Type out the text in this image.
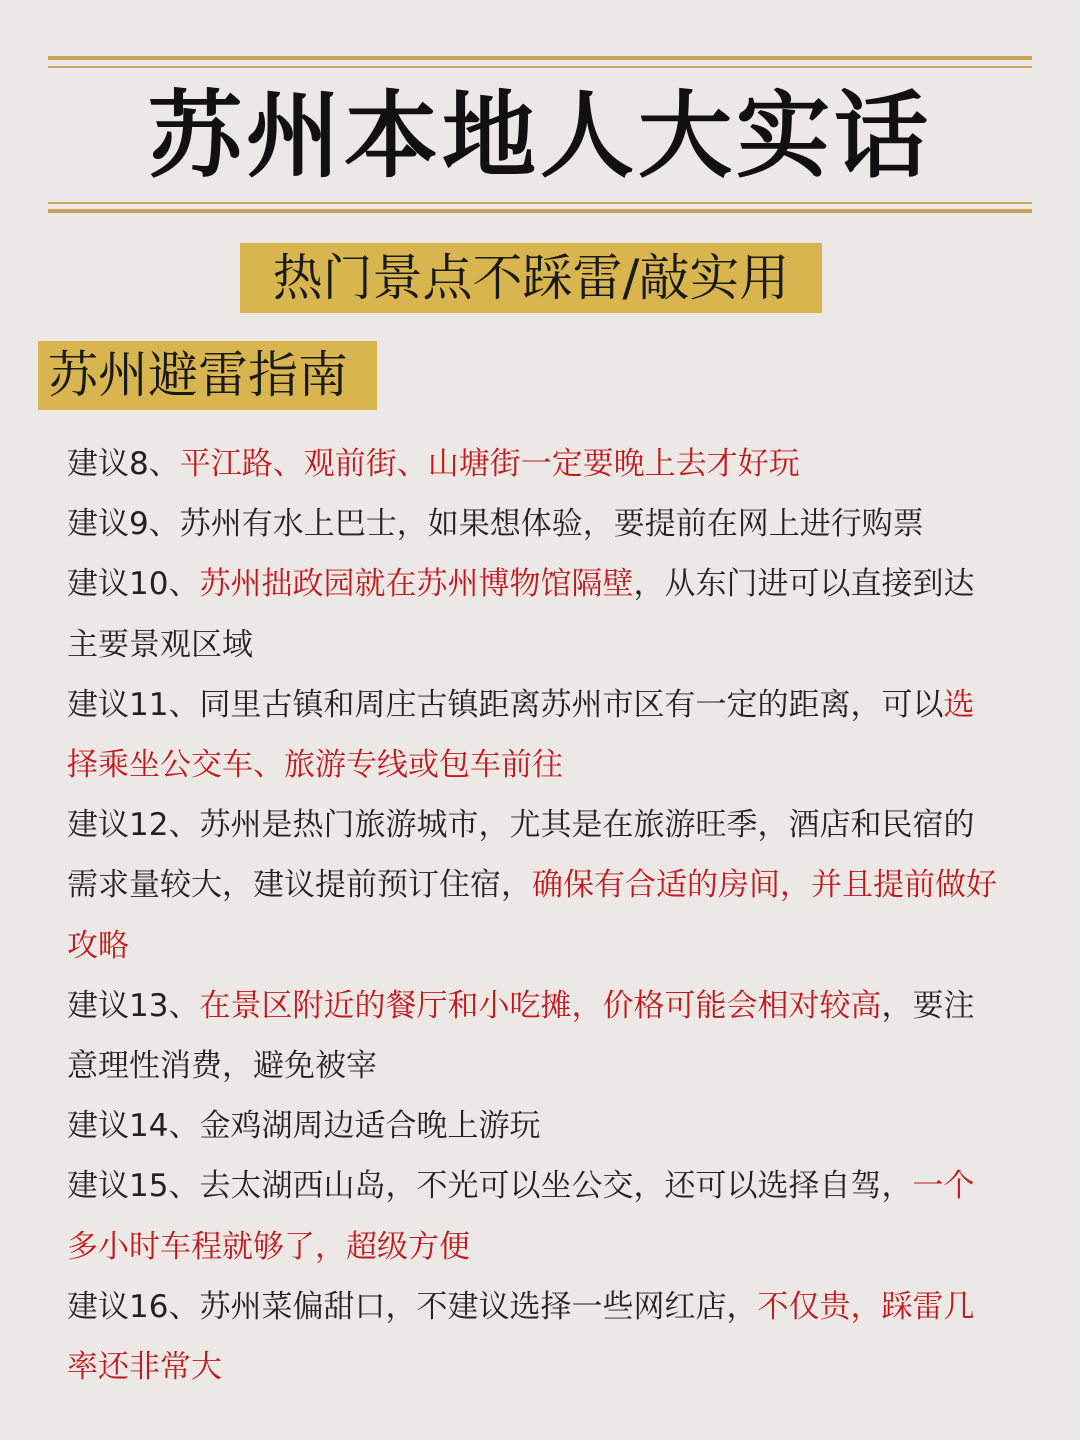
苏州本地人大实话
热门景点不踩雷/敲实用
苏州避雷指南
建议8、平江路、观前街、山塘街一定要晚上去才好玩
建议9、苏州有水上巴士，如果想体验，要提前在网上进行购票
建议10、苏州拙政园就在苏州博物馆隔壁，从东门进可以直接到达主要景观区域
建议11、同里古镇和周庄古镇距离苏州市区有一定的距离，可以选择乘坐公交车、旅游专线或包车前往
建议12、苏州是热门旅游城市，尤其是在旅游旺季，酒店和民宿的需求量较大，建议提前预订住宿，确保有合适的房间，并且提前做好攻略
建议13、在景区附近的餐厅和小吃摊，价格可能会相对较高，要注意理性消费，避免被宰
建议14、金鸡湖周边适合晚上游玩
建议15、去太湖西山岛，不光可以坐公交，还可以选择自驾，一个多小时车程就够了，超级方便
建议16、苏州菜偏甜口，不建议选择一些网红店，不仅贵，踩雷几率还非常大
